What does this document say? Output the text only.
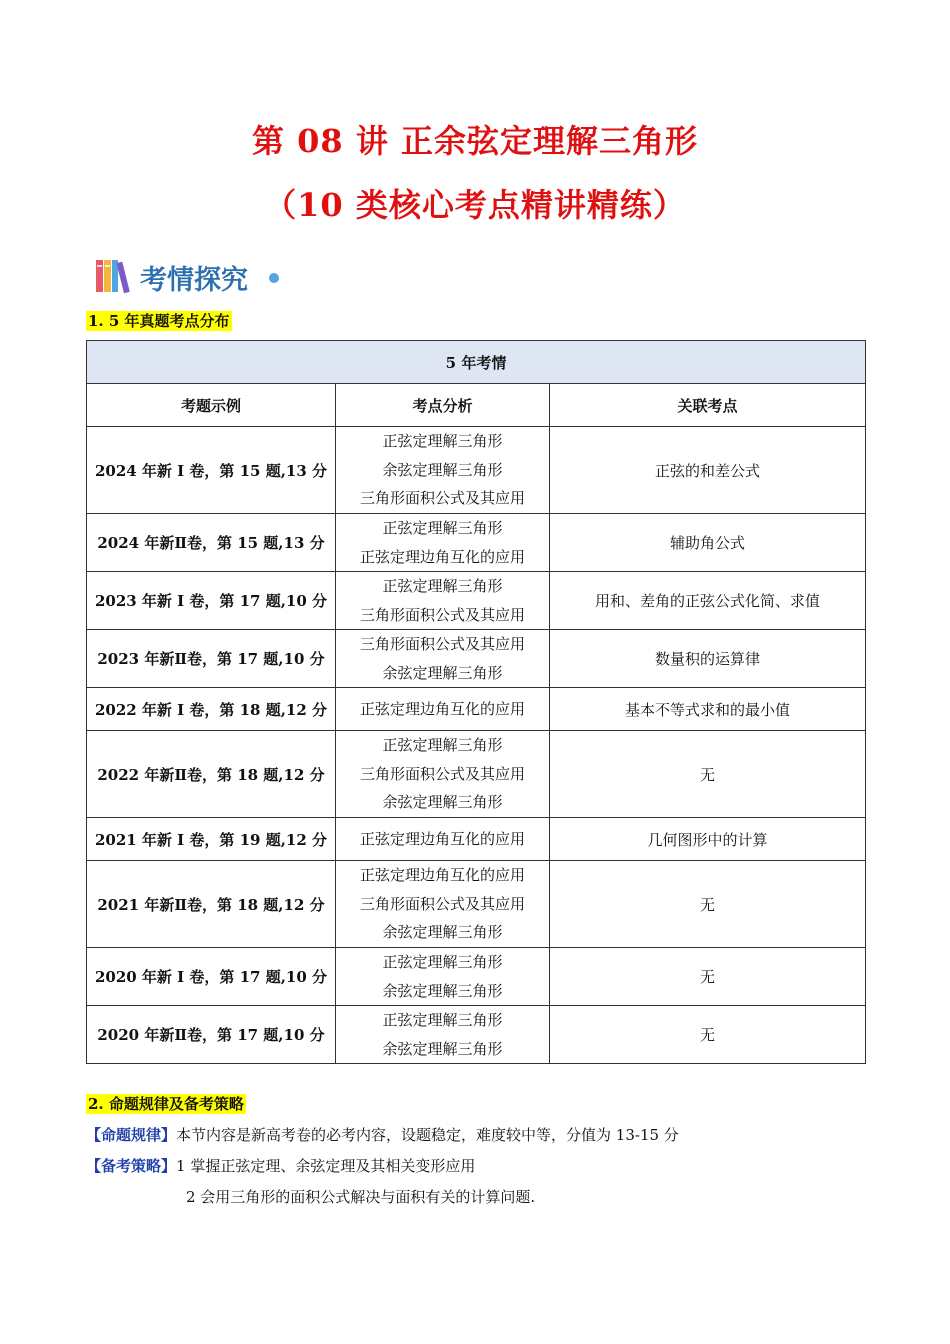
第 08 讲 正余弦定理解三角形
（10 类核心考点精讲精练）
考情探究
1. 5 年真题考点分布
5 年考情		
考题示例	考点分析	关联考点
2024 年新 I 卷，第 15 题,13 分	正弦定理解三角形
余弦定理解三角形
三角形面积公式及其应用	正弦的和差公式
2024 年新Ⅱ卷，第 15 题,13 分	正弦定理解三角形
正弦定理边角互化的应用	辅助角公式
2023 年新 I 卷，第 17 题,10 分	正弦定理解三角形
三角形面积公式及其应用	用和、差角的正弦公式化简、求值
2023 年新Ⅱ卷，第 17 题,10 分	三角形面积公式及其应用
余弦定理解三角形	数量积的运算律
2022 年新 I 卷，第 18 题,12 分	正弦定理边角互化的应用	基本不等式求和的最小值
2022 年新Ⅱ卷，第 18 题,12 分	正弦定理解三角形
三角形面积公式及其应用
余弦定理解三角形	无
2021 年新 I 卷，第 19 题,12 分	正弦定理边角互化的应用	几何图形中的计算
2021 年新Ⅱ卷，第 18 题,12 分	正弦定理边角互化的应用
三角形面积公式及其应用
余弦定理解三角形	无
2020 年新 I 卷，第 17 题,10 分	正弦定理解三角形
余弦定理解三角形	无
2020 年新Ⅱ卷，第 17 题,10 分	正弦定理解三角形
余弦定理解三角形	无
2. 命题规律及备考策略
【命题规律】本节内容是新高考卷的必考内容，设题稳定，难度较中等，分值为 13-15 分
【备考策略】1 掌握正弦定理、余弦定理及其相关变形应用
2 会用三角形的面积公式解决与面积有关的计算问题.
